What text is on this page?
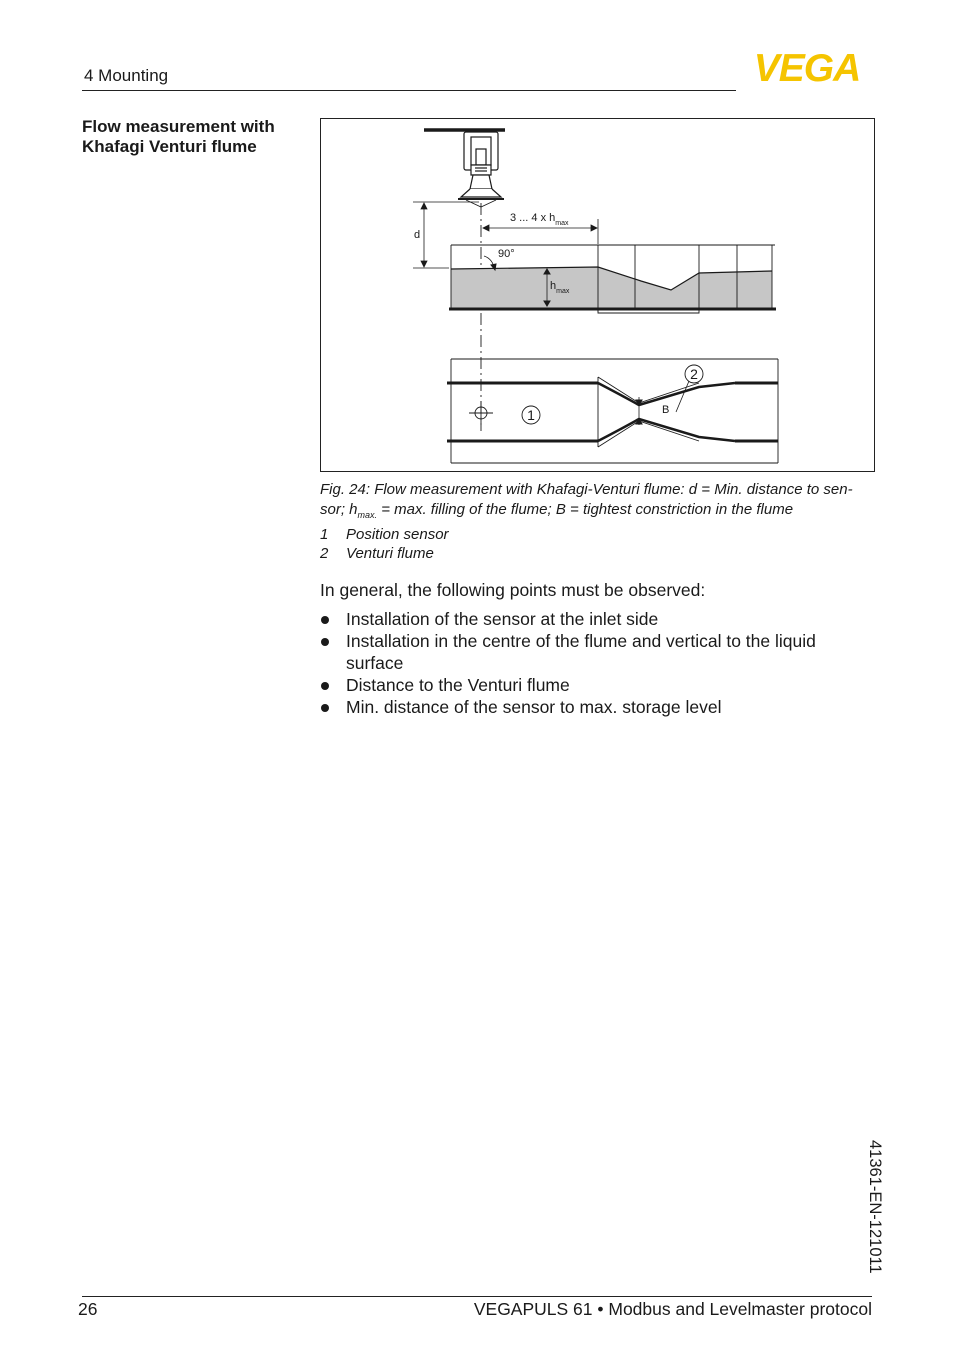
4 Mounting	VEGA
Flow measurement with
Khafagi Venturi flume
d
3 ... 4 x $h_{max}$
90°
$h_{max}$
B
1
2
Fig. 24: Flow measurement with Khafagi-Venturi flume: d = Min. distance to sen-
sor; $h_{max.} = \max$. filling of the flume; B = tightest constriction in the flume
1 Position sensor
2 Venturi flume
In general, the following points must be observed:
Installation of the sensor at the inlet side
Installation in the centre of the flume and vertical to the liquid surface
Distance to the Venturi flume
Min. distance of the sensor to max. storage level
41361-EN-121011
26	VEGAPULS 61 • Modbus and Levelmaster protocol
